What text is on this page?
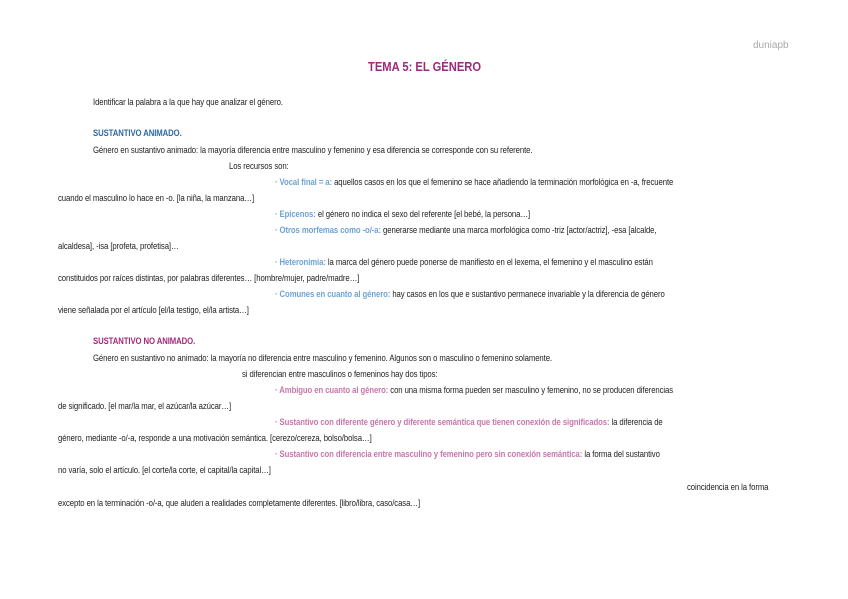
duniapb
TEMA 5: EL GÉNERO
Identificar la palabra a la que hay que analizar el género.
SUSTANTIVO ANIMADO.
Género en sustantivo animado: la mayoría diferencia entre masculino y femenino y esa diferencia se corresponde con su referente.
Los recursos son:
· Vocal final = a: aquellos casos en los que el femenino se hace añadiendo la terminación morfológica en -a, frecuente
cuando el masculino lo hace en -o. [la niña, la manzana…]
· Epicenos: el género no indica el sexo del referente [el bebé, la persona…]
· Otros morfemas como -o/-a: generarse mediante una marca morfológica como -triz [actor/actriz], -esa [alcalde,
alcaldesa], -isa [profeta, profetisa]…
· Heteronimia: la marca del género puede ponerse de manifiesto en el lexema, el femenino y el masculino están
constituidos por raíces distintas, por palabras diferentes… [hombre/mujer, padre/madre…]
· Comunes en cuanto al género: hay casos en los que e sustantivo permanece invariable y la diferencia de género
viene señalada por el artículo [el/la testigo, el/la artista…]
SUSTANTIVO NO ANIMADO.
Género en sustantivo no animado: la mayoría no diferencia entre masculino y femenino. Algunos son o masculino o femenino solamente.
si diferencian entre masculinos o femeninos hay dos tipos:
· Ambiguo en cuanto al género: con una misma forma pueden ser masculino y femenino, no se producen diferencias
de significado. [el mar/la mar, el azúcar/la azúcar…]
· Sustantivo con diferente género y diferente semántica que tienen conexión de significados: la diferencia de
género, mediante -o/-a, responde a una motivación semántica. [cerezo/cereza, bolso/bolsa…]
· Sustantivo con diferencia entre masculino y femenino pero sin conexión semántica: la forma del sustantivo
no varía, solo el artículo. [el corte/la corte, el capital/la capital…]
coincidencia en la forma
excepto en la terminación -o/-a, que aluden a realidades completamente diferentes. [libro/libra, caso/casa…]
